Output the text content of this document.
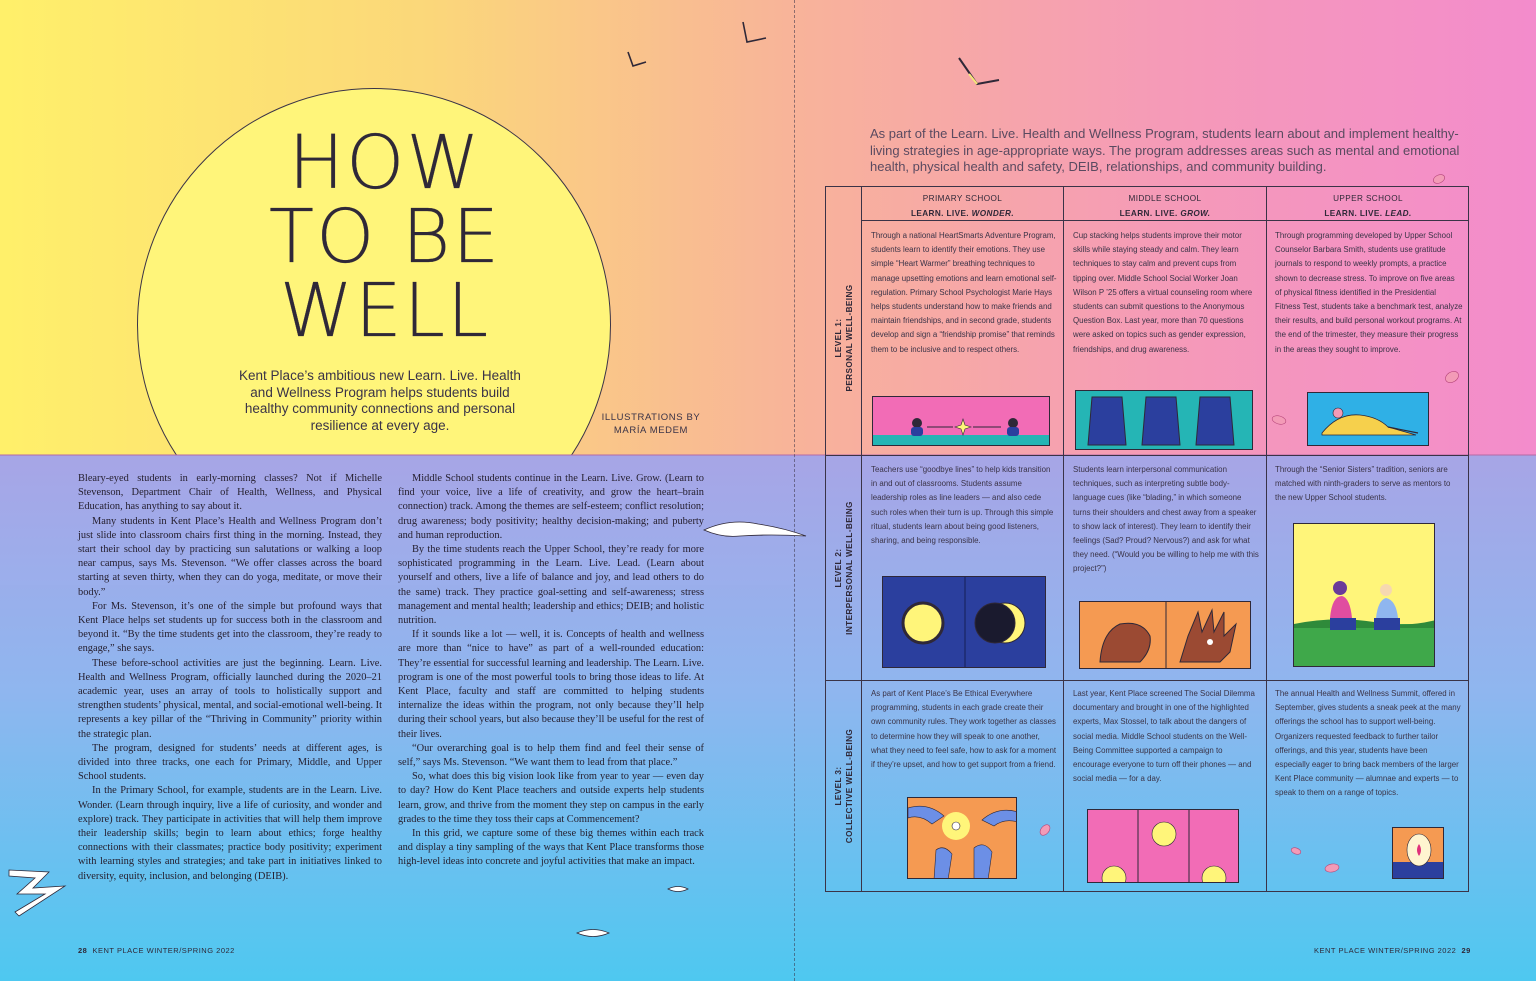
HOW
TO BE
WELL
Kent Place’s ambitious new Learn. Live. Health and Wellness Program helps students build healthy community connections and personal resilience at every age.
ILLUSTRATIONS BY
MARÍA MEDEM

Bleary-eyed students in early-morning classes? Not if Michelle Stevenson, Department Chair of Health, Wellness, and Physical Education, has anything to say about it.

Many students in Kent Place’s Health and Wellness Program don’t just slide into classroom chairs first thing in the morning. Instead, they start their school day by practicing sun salutations or walking a loop near campus, says Ms. Stevenson. “We offer classes across the board starting at seven thirty, when they can do yoga, meditate, or move their body.”

For Ms. Stevenson, it’s one of the simple but profound ways that Kent Place helps set students up for success both in the classroom and beyond it. “By the time students get into the classroom, they’re ready to engage,” she says.

These before-school activities are just the beginning. Learn. Live. Health and Wellness Program, officially launched during the 2020–21 academic year, uses an array of tools to holistically support and strengthen students’ physical, mental, and social-emotional well-being. It represents a key pillar of the “Thriving in Community” priority within the strategic plan.

The program, designed for students’ needs at different ages, is divided into three tracks, one each for Primary, Middle, and Upper School students.

In the Primary School, for example, students are in the Learn. Live. Wonder. (Learn through inquiry, live a life of curiosity, and wonder and explore) track. They participate in activities that will help them improve their leadership skills; begin to learn about ethics; forge healthy connections with their classmates; practice body positivity; experiment with learning styles and strategies; and take part in initiatives linked to diversity, equity, inclusion, and belonging (DEIB).

Middle School students continue in the Learn. Live. Grow. (Learn to find your voice, live a life of creativity, and grow the heart–brain connection) track. Among the themes are self-esteem; conflict resolution; drug awareness; body positivity; healthy decision-making; and puberty and human reproduction.

By the time students reach the Upper School, they’re ready for more sophisticated programming in the Learn. Live. Lead. (Learn about yourself and others, live a life of balance and joy, and lead others to do the same) track. They practice goal-setting and self-awareness; stress management and mental health; leadership and ethics; DEIB; and holistic nutrition.

If it sounds like a lot — well, it is. Concepts of health and wellness are more than “nice to have” as part of a well-rounded education: They’re essential for successful learning and leadership. The Learn. Live. program is one of the most powerful tools to bring those ideas to life. At Kent Place, faculty and staff are committed to helping students internalize the ideas within the program, not only because they’ll help during their school years, but also because they’ll be useful for the rest of their lives.

“Our overarching goal is to help them find and feel their sense of self,” says Ms. Stevenson. “We want them to lead from that place.”

So, what does this big vision look like from year to year — even day to day? How do Kent Place teachers and outside experts help students learn, grow, and thrive from the moment they step on campus in the early grades to the time they toss their caps at Commencement?

In this grid, we capture some of these big themes within each track and display a tiny sampling of the ways that Kent Place transforms those high-level ideas into concrete and joyful activities that make an impact.

28 KENT PLACE WINTER/SPRING 2022
As part of the Learn. Live. Health and Wellness Program, students learn about and implement healthy-living strategies in age-appropriate ways. The program addresses areas such as mental and emotional health, physical health and safety, DEIB, relationships, and community building.
PRIMARY SCHOOL
LEARN. LIVE. WONDER.
MIDDLE SCHOOL
LEARN. LIVE. GROW.
UPPER SCHOOL
LEARN. LIVE. LEAD.
LEVEL 1: PERSONAL WELL-BEING
LEVEL 2: INTERPERSONAL WELL-BEING
LEVEL 3: COLLECTIVE WELL-BEING
Through a national HeartSmarts Adventure Program, students learn to identify their emotions. They use simple “Heart Warmer” breathing techniques to manage upsetting emotions and learn emotional self-regulation. Primary School Psychologist Marie Hays helps students understand how to make friends and maintain friendships, and in second grade, students develop and sign a “friendship promise” that reminds them to be inclusive and to respect others.
Cup stacking helps students improve their motor skills while staying steady and calm. They learn techniques to stay calm and prevent cups from tipping over. Middle School Social Worker Joan Wilson P ’25 offers a virtual counseling room where students can submit questions to the Anonymous Question Box. Last year, more than 70 questions were asked on topics such as gender expression, friendships, and drug awareness.
Through programming developed by Upper School Counselor Barbara Smith, students use gratitude journals to respond to weekly prompts, a practice shown to decrease stress. To improve on five areas of physical fitness identified in the Presidential Fitness Test, students take a benchmark test, analyze their results, and build personal workout programs. At the end of the trimester, they measure their progress in the areas they sought to improve.
Teachers use “goodbye lines” to help kids transition in and out of classrooms. Students assume leadership roles as line leaders — and also cede such roles when their turn is up. Through this simple ritual, students learn about being good listeners, sharing, and being responsible.
Students learn interpersonal communication techniques, such as interpreting subtle body-language cues (like “blading,” in which someone turns their shoulders and chest away from a speaker to show lack of interest). They learn to identify their feelings (Sad? Proud? Nervous?) and ask for what they need. (“Would you be willing to help me with this project?”)
Through the “Senior Sisters” tradition, seniors are matched with ninth-graders to serve as mentors to the new Upper School students.
As part of Kent Place’s Be Ethical Everywhere programming, students in each grade create their own community rules. They work together as classes to determine how they will speak to one another, what they need to feel safe, how to ask for a moment if they’re upset, and how to get support from a friend.
Last year, Kent Place screened The Social Dilemma documentary and brought in one of the highlighted experts, Max Stossel, to talk about the dangers of social media. Middle School students on the Well-Being Committee supported a campaign to encourage everyone to turn off their phones — and social media — for a day.
The annual Health and Wellness Summit, offered in September, gives students a sneak peek at the many offerings the school has to support well-being. Organizers requested feedback to further tailor offerings, and this year, students have been especially eager to bring back members of the larger Kent Place community — alumnae and experts — to speak to them on a range of topics.
KENT PLACE WINTER/SPRING 2022 29
